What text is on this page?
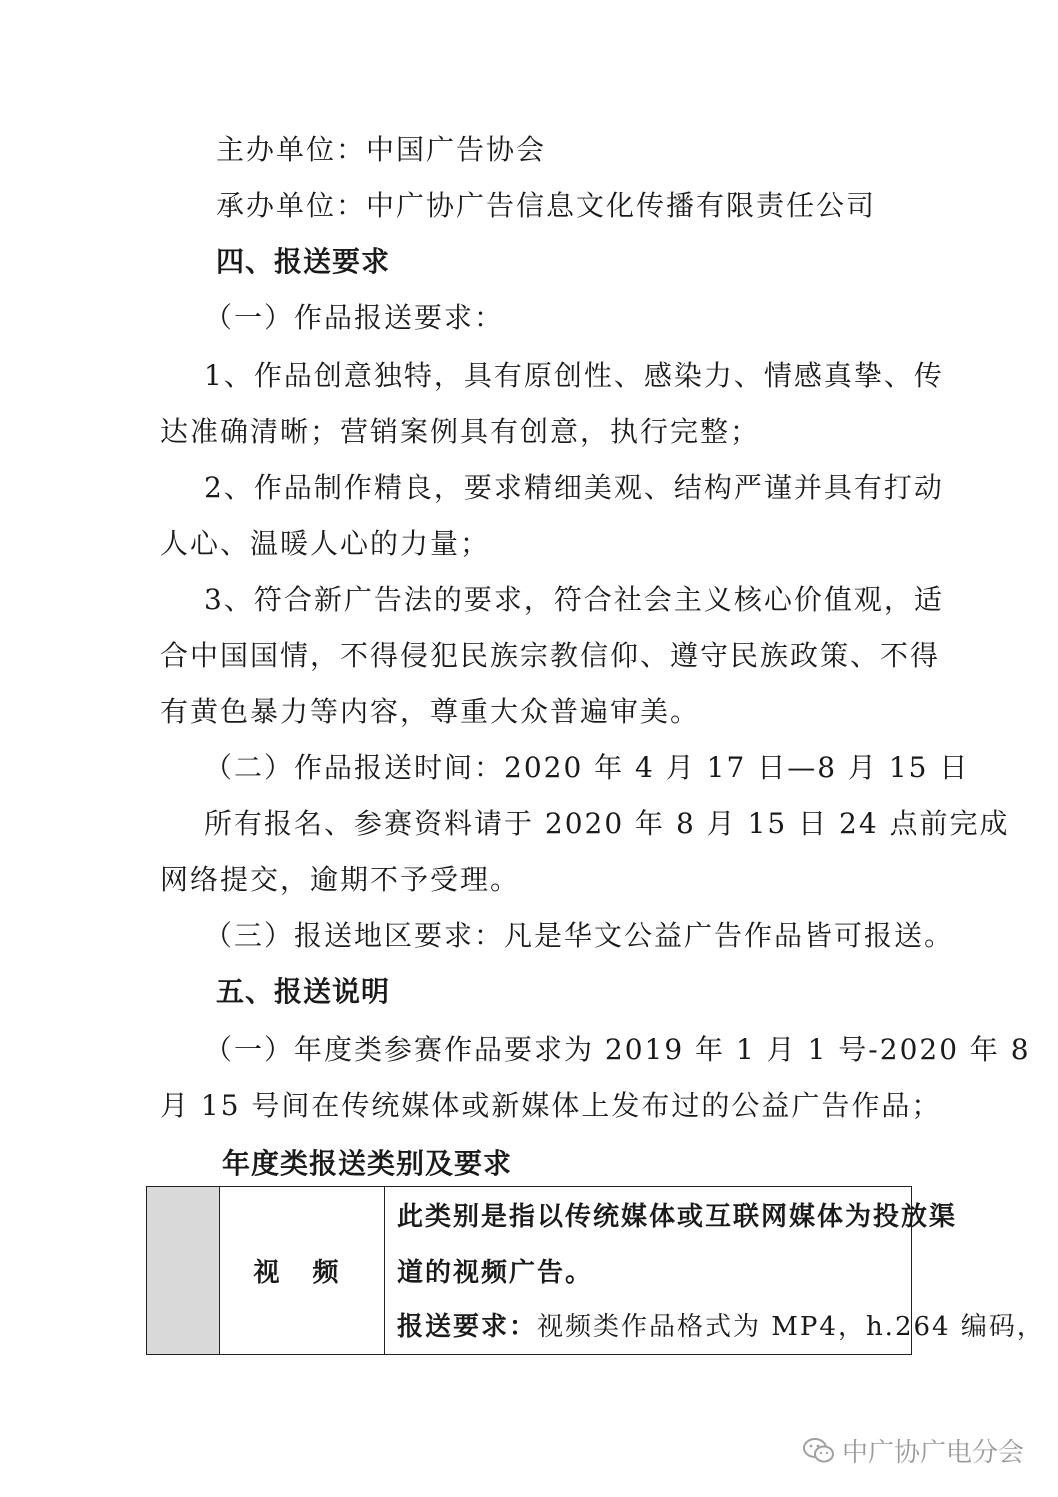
主办单位：中国广告协会
承办单位：中广协广告信息文化传播有限责任公司
四、报送要求
（一）作品报送要求：
1、作品创意独特，具有原创性、感染力、情感真挚、传
达准确清晰；营销案例具有创意，执行完整；
2、作品制作精良，要求精细美观、结构严谨并具有打动
人心、温暖人心的力量；
3、符合新广告法的要求，符合社会主义核心价值观，适
合中国国情，不得侵犯民族宗教信仰、遵守民族政策、不得
有黄色暴力等内容，尊重大众普遍审美。
（二）作品报送时间：2020 年 4 月 17 日—8 月 15 日
所有报名、参赛资料请于 2020 年 8 月 15 日 24 点前完成
网络提交，逾期不予受理。
（三）报送地区要求：凡是华文公益广告作品皆可报送。
五、报送说明
（一）年度类参赛作品要求为 2019 年 1 月 1 号-2020 年 8
月 15 号间在传统媒体或新媒体上发布过的公益广告作品；
年度类报送类别及要求
视 频
此类别是指以传统媒体或互联网媒体为投放渠
道的视频广告。
报送要求：视频类作品格式为 MP4，h.264 编码，
中广协广电分会
